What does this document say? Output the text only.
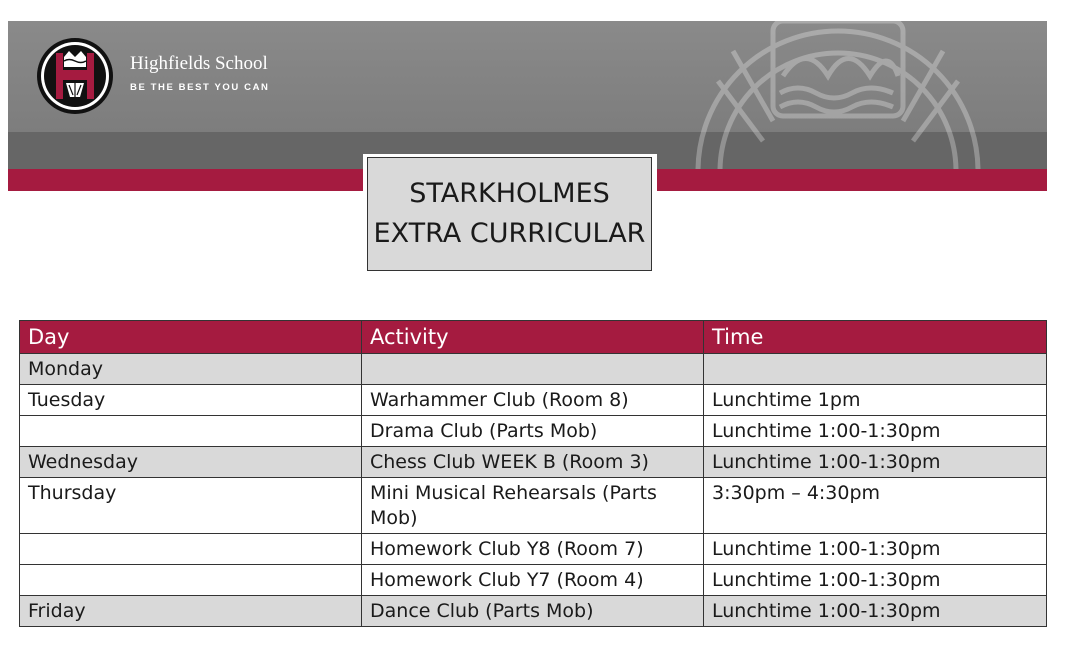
Highfields School
BE THE BEST YOU CAN
STARKHOLMES
EXTRA CURRICULAR
Day	Activity	Time
Monday		
Tuesday	Warhammer Club (Room 8)	Lunchtime 1pm
	Drama Club (Parts Mob)	Lunchtime 1:00-1:30pm
Wednesday	Chess Club WEEK B (Room 3)	Lunchtime 1:00-1:30pm
Thursday	Mini Musical Rehearsals (Parts Mob)	3:30pm – 4:30pm
	Homework Club Y8 (Room 7)	Lunchtime 1:00-1:30pm
	Homework Club Y7 (Room 4)	Lunchtime 1:00-1:30pm
Friday	Dance Club (Parts Mob)	Lunchtime 1:00-1:30pm
